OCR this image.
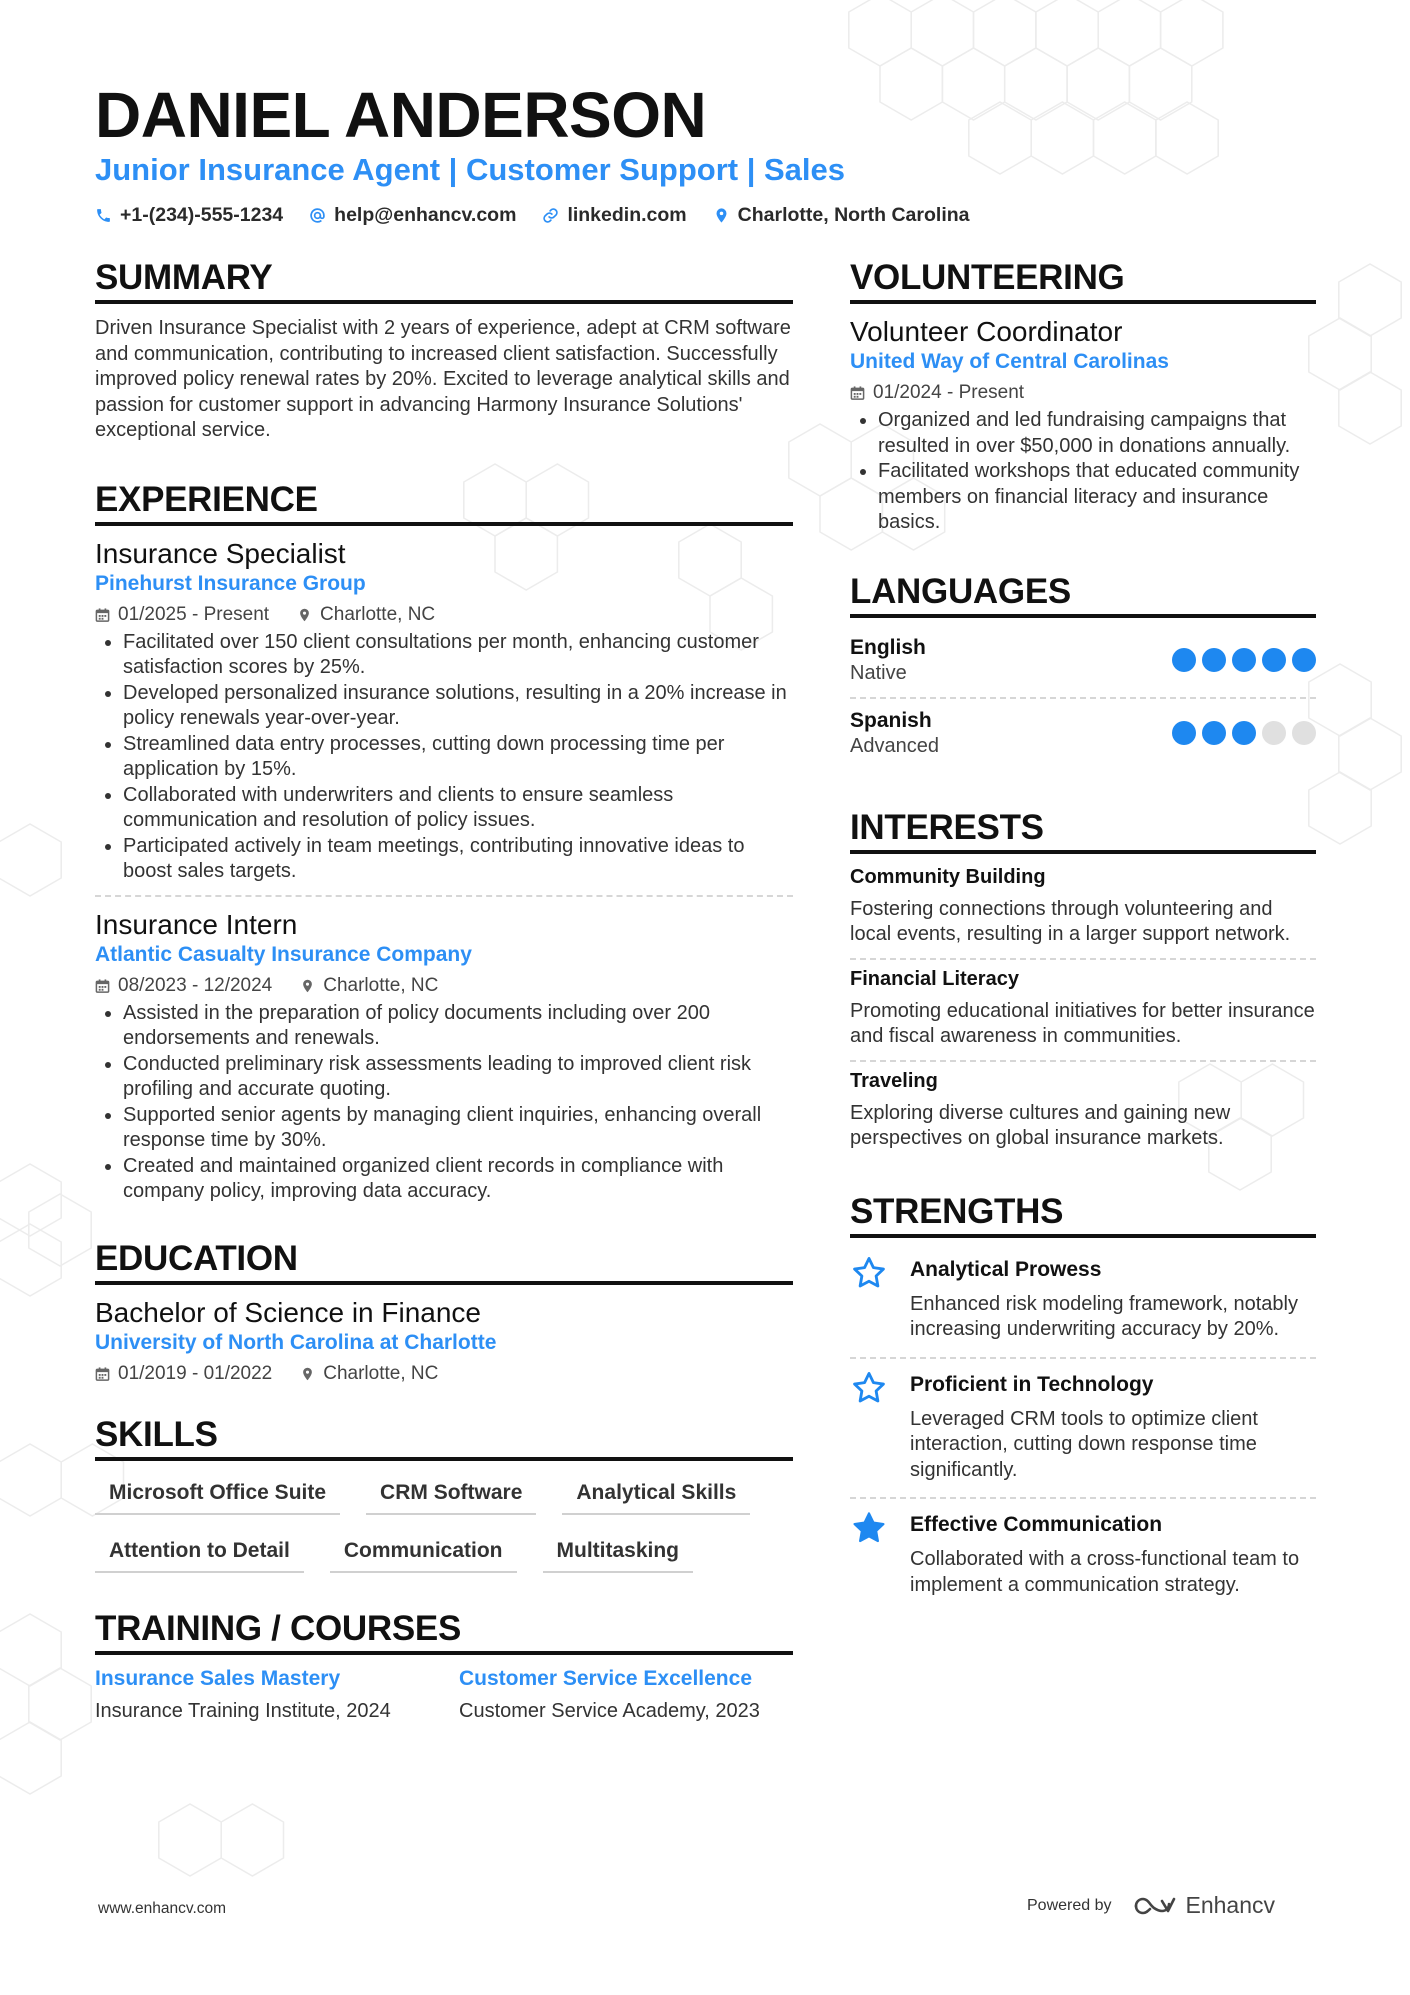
DANIEL ANDERSON
Junior Insurance Agent | Customer Support | Sales
+1-(234)-555-1234	help@enhancv.com	linkedin.com	Charlotte, North Carolina
SUMMARY

Driven Insurance Specialist with 2 years of experience, adept at CRM software and communication, contributing to increased client satisfaction. Successfully improved policy renewal rates by 20%. Excited to leverage analytical skills and passion for customer support in advancing Harmony Insurance Solutions' exceptional service.

EXPERIENCE
Insurance Specialist
Pinehurst Insurance Group
01/2025 - Present	Charlotte, NC
• Facilitated over 150 client consultations per month, enhancing customer satisfaction scores by 25%.
• Developed personalized insurance solutions, resulting in a 20% increase in policy renewals year-over-year.
• Streamlined data entry processes, cutting down processing time per application by 15%.
• Collaborated with underwriters and clients to ensure seamless communication and resolution of policy issues.
• Participated actively in team meetings, contributing innovative ideas to boost sales targets.
Insurance Intern
Atlantic Casualty Insurance Company
08/2023 - 12/2024	Charlotte, NC
• Assisted in the preparation of policy documents including over 200 endorsements and renewals.
• Conducted preliminary risk assessments leading to improved client risk profiling and accurate quoting.
• Supported senior agents by managing client inquiries, enhancing overall response time by 30%.
• Created and maintained organized client records in compliance with company policy, improving data accuracy.
EDUCATION
Bachelor of Science in Finance
University of North Carolina at Charlotte
01/2019 - 01/2022	Charlotte, NC
SKILLS
Microsoft Office Suite	CRM Software	Analytical Skills
Attention to Detail	Communication	Multitasking
TRAINING / COURSES
Insurance Sales Mastery
Insurance Training Institute, 2024
Customer Service Excellence
Customer Service Academy, 2023
VOLUNTEERING
Volunteer Coordinator
United Way of Central Carolinas
01/2024 - Present
• Organized and led fundraising campaigns that resulted in over $50,000 in donations annually.
• Facilitated workshops that educated community members on financial literacy and insurance basics.
LANGUAGES
English
Native
Spanish
Advanced
INTERESTS
Community Building

Fostering connections through volunteering and local events, resulting in a larger support network.

Financial Literacy

Promoting educational initiatives for better insurance and fiscal awareness in communities.

Traveling

Exploring diverse cultures and gaining new perspectives on global insurance markets.

STRENGTHS
Analytical Prowess

Enhanced risk modeling framework, notably increasing underwriting accuracy by 20%.

Proficient in Technology

Leveraged CRM tools to optimize client interaction, cutting down response time significantly.

Effective Communication

Collaborated with a cross-functional team to implement a communication strategy.

www.enhancv.com	Powered by	Enhancv
